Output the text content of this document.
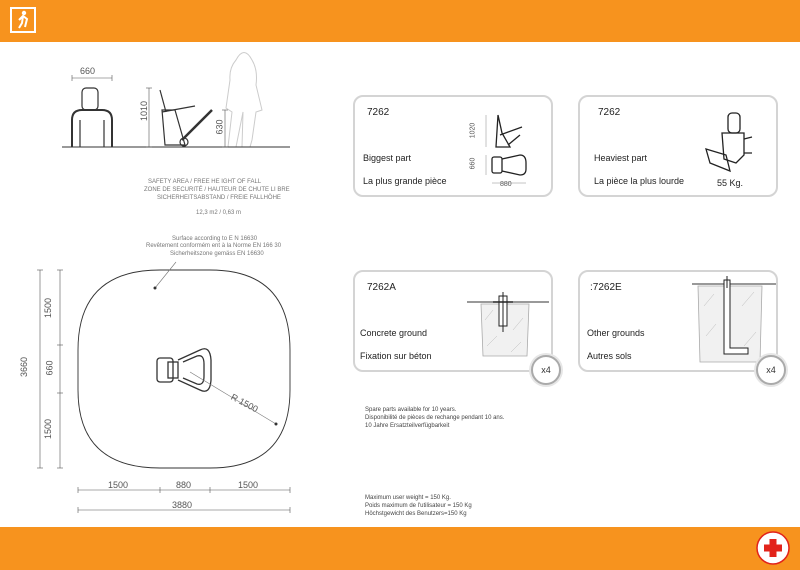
660
1010
630
SAFETY AREA / FREE HE IGHT OF FALL
ZONE DE SECURITÉ / HAUTEUR DE CHUTE LI BRE
SICHERHEITSABSTAND / FREIE FALLHÖHE
12,3 m2 / 0,63 m
Surface according to E N 16630
Revêtement conformém ent à la Norme EN 166 30
Sicherheitszone gemäss EN 16630
3660
1500
660
1500
1500	880	1500
3880
R 1500
7262
Biggest part
La plus grande pièce
1020
660
880
7262
Heaviest part
La pièce la plus lourde	55 Kg.
7262A
Concrete ground
Fixation sur béton
x4
:7262E
Other grounds
Autres sols
x4
Spare parts available for 10 years.
Disponibilité de pièces de rechange pendant 10 ans.
10 Jahre Ersatzteilverfügbarkeit
Maximum user weight = 150 Kg.
Poids maximum de l'utilisateur = 150 Kg
Höchstgewicht des Benutzers=150 Kg
